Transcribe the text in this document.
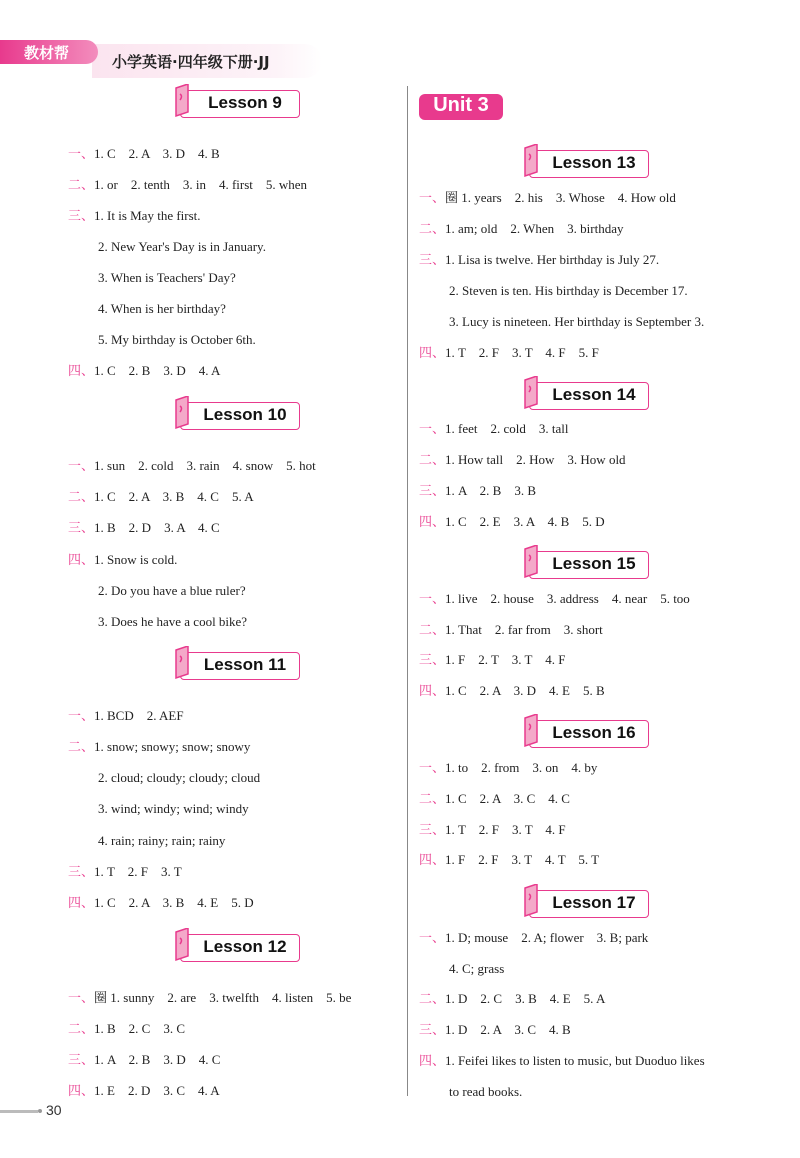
小学英语·四年级下册·JJ
教材帮
Lesson 9
一、1. C　2. A　3. D　4. B
二、1. or　2. tenth　3. in　4. first　5. when
三、1. It is May the first.
2. New Year's Day is in January.
3. When is Teachers' Day?
4. When is her birthday?
5. My birthday is October 6th.
四、1. C　2. B　3. D　4. A
Lesson 10
一、1. sun　2. cold　3. rain　4. snow　5. hot
二、1. C　2. A　3. B　4. C　5. A
三、1. B　2. D　3. A　4. C
四、1. Snow is cold.
2. Do you have a blue ruler?
3. Does he have a cool bike?
Lesson 11
一、1. BCD　2. AEF
二、1. snow; snowy; snow; snowy
2. cloud; cloudy; cloudy; cloud
3. wind; windy; wind; windy
4. rain; rainy; rain; rainy
三、1. T　2. F　3. T
四、1. C　2. A　3. B　4. E　5. D
Lesson 12
一、圈 1. sunny　2. are　3. twelfth　4. listen　5. be
二、1. B　2. C　3. C
三、1. A　2. B　3. D　4. C
四、1. E　2. D　3. C　4. A
Unit 3
Lesson 13
一、圈 1. years　2. his　3. Whose　4. How old
二、1. am; old　2. When　3. birthday
三、1. Lisa is twelve. Her birthday is July 27.
2. Steven is ten. His birthday is December 17.
3. Lucy is nineteen. Her birthday is September 3.
四、1. T　2. F　3. T　4. F　5. F
Lesson 14
一、1. feet　2. cold　3. tall
二、1. How tall　2. How　3. How old
三、1. A　2. B　3. B
四、1. C　2. E　3. A　4. B　5. D
Lesson 15
一、1. live　2. house　3. address　4. near　5. too
二、1. That　2. far from　3. short
三、1. F　2. T　3. T　4. F
四、1. C　2. A　3. D　4. E　5. B
Lesson 16
一、1. to　2. from　3. on　4. by
二、1. C　2. A　3. C　4. C
三、1. T　2. F　3. T　4. F
四、1. F　2. F　3. T　4. T　5. T
Lesson 17
一、1. D; mouse　2. A; flower　3. B; park
4. C; grass
二、1. D　2. C　3. B　4. E　5. A
三、1. D　2. A　3. C　4. B
四、1. Feifei likes to listen to music, but Duoduo likes
to read books.
30
